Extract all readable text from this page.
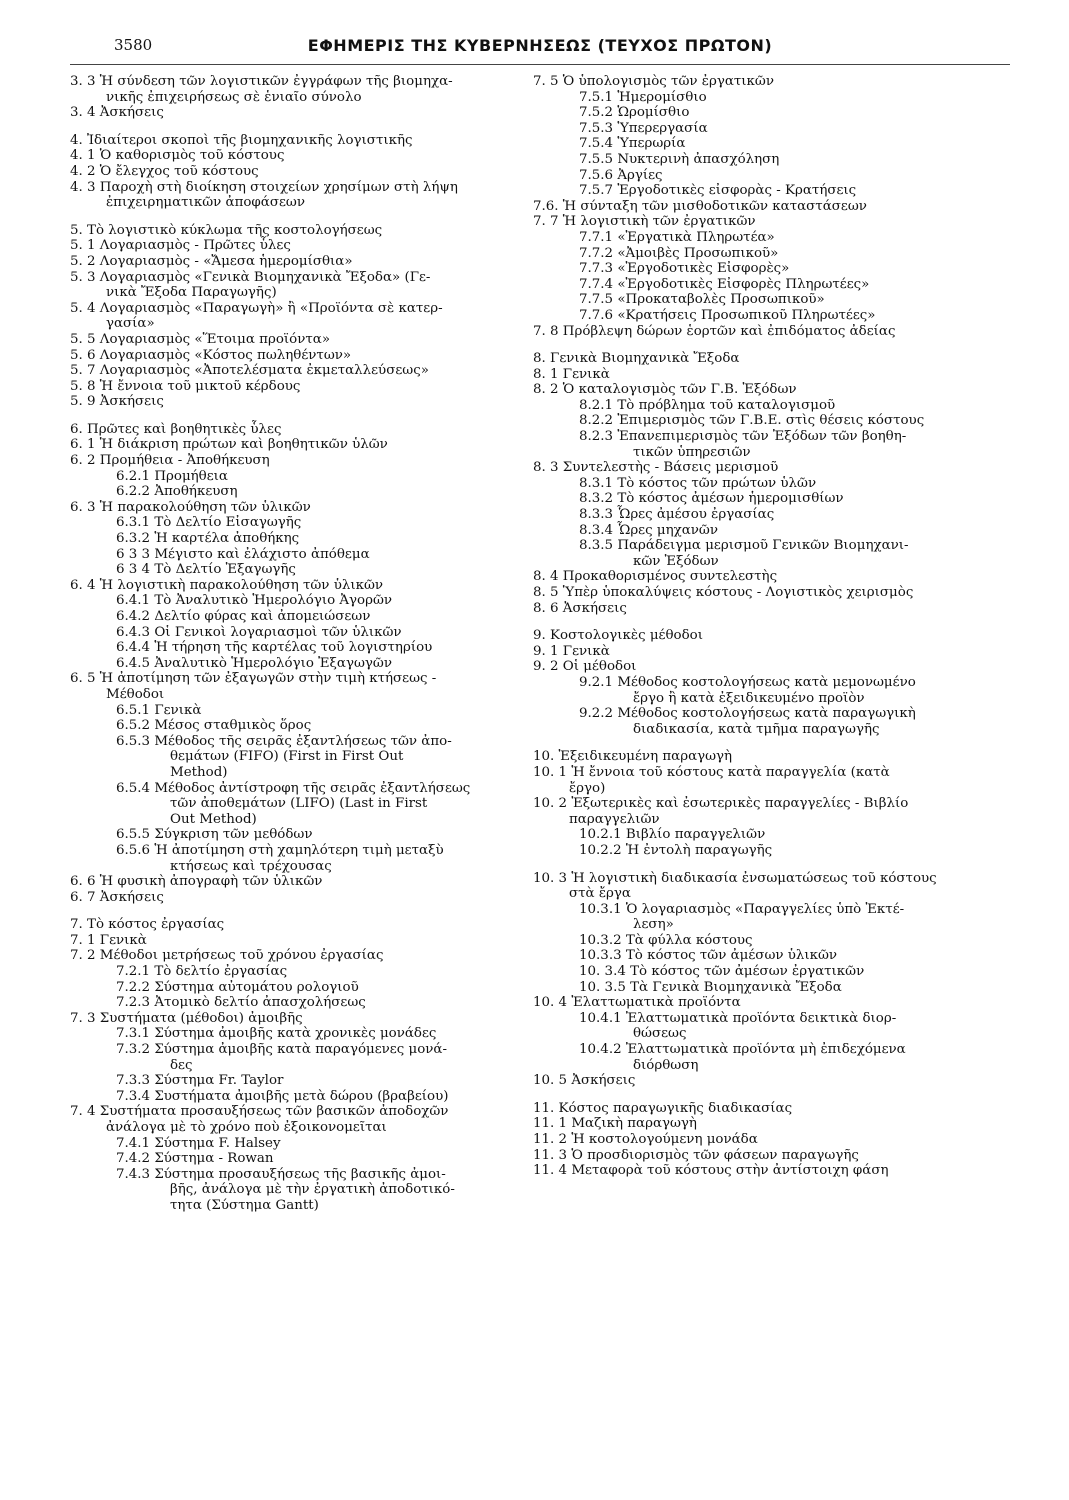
3580	ΕΦΗΜΕΡΙΣ ΤΗΣ ΚΥΒΕΡΝΗΣΕΩΣ (ΤΕΥΧΟΣ ΠΡΩΤΟΝ)
3. 3 Ἡ σύνδεση τῶν λογιστικῶν ἐγγράφων τῆς βιομηχα-
νικῆς ἐπιχειρήσεως σὲ ἑνιαῖο σύνολο
3. 4 Ἀσκήσεις
4. Ἰδιαίτεροι σκοποὶ τῆς βιομηχανικῆς λογιστικῆς
4. 1 Ὁ καθορισμὸς τοῦ κόστους
4. 2 Ὁ ἔλεγχος τοῦ κόστους
4. 3 Παροχὴ στὴ διοίκηση στοιχείων χρησίμων στὴ λήψη
ἐπιχειρηματικῶν ἀποφάσεων
5. Τὸ λογιστικὸ κύκλωμα τῆς κοστολογήσεως
5. 1 Λογαριασμὸς - Πρῶτες ὗλες
5. 2 Λογαριασμὸς - «Ἄμεσα ἡμερομίσθια»
5. 3 Λογαριασμὸς «Γενικὰ Βιομηχανικὰ Ἔξοδα» (Γε-
νικὰ Ἔξοδα Παραγωγῆς)
5. 4 Λογαριασμὸς «Παραγωγὴ» ἢ «Προϊόντα σὲ κατερ-
γασία»
5. 5 Λογαριασμὸς «Ἕτοιμα προϊόντα»
5. 6 Λογαριασμὸς «Κόστος πωληθέντων»
5. 7 Λογαριασμὸς «Ἀποτελέσματα ἐκμεταλλεύσεως»
5. 8 Ἡ ἔννοια τοῦ μικτοῦ κέρδους
5. 9 Ἀσκήσεις
6. Πρῶτες καὶ βοηθητικὲς ὗλες
6. 1 Ἡ διάκριση πρώτων καὶ βοηθητικῶν ὑλῶν
6. 2 Προμήθεια - Ἀποθήκευση
6.2.1 Προμήθεια
6.2.2 Ἀποθήκευση
6. 3 Ἡ παρακολούθηση τῶν ὑλικῶν
6.3.1 Τὸ Δελτίο Εἰσαγωγῆς
6.3.2 Ἡ καρτέλα ἀποθήκης
6 3 3 Μέγιστο καὶ ἐλάχιστο ἀπόθεμα
6 3 4 Τὸ Δελτίο Ἐξαγωγῆς
6. 4 Ἡ λογιστικὴ παρακολούθηση τῶν ὑλικῶν
6.4.1 Τὸ Ἀναλυτικὸ Ἡμερολόγιο Ἀγορῶν
6.4.2 Δελτίο φύρας καὶ ἀπομειώσεων
6.4.3 Οἱ Γενικοὶ λογαριασμοὶ τῶν ὑλικῶν
6.4.4 Ἡ τήρηση τῆς καρτέλας τοῦ λογιστηρίου
6.4.5 Ἀναλυτικὸ Ἡμερολόγιο Ἐξαγωγῶν
6. 5 Ἡ ἀποτίμηση τῶν ἐξαγωγῶν στὴν τιμὴ κτήσεως -
Μέθοδοι
6.5.1 Γενικὰ
6.5.2 Μέσος σταθμικὸς ὅρος
6.5.3 Μέθοδος τῆς σειρᾶς ἐξαντλήσεως τῶν ἀπο-
θεμάτων (FIFO) (First in First Out
Method)
6.5.4 Μέθοδος ἀντίστροφη τῆς σειρᾶς ἐξαντλήσεως
τῶν ἀποθεμάτων (LIFO) (Last in First
Out Method)
6.5.5 Σύγκριση τῶν μεθόδων
6.5.6 Ἡ ἀποτίμηση στὴ χαμηλότερη τιμὴ μεταξὺ
κτήσεως καὶ τρέχουσας
6. 6 Ἡ φυσικὴ ἀπογραφὴ τῶν ὑλικῶν
6. 7 Ἀσκήσεις
7. Τὸ κόστος ἐργασίας
7. 1 Γενικὰ
7. 2 Μέθοδοι μετρήσεως τοῦ χρόνου ἐργασίας
7.2.1 Τὸ δελτίο ἐργασίας
7.2.2 Σύστημα αὐτομάτου ρολογιοῦ
7.2.3 Ἀτομικὸ δελτίο ἀπασχολήσεως
7. 3 Συστήματα (μέθοδοι) ἀμοιβῆς
7.3.1 Σύστημα ἀμοιβῆς κατὰ χρονικὲς μονάδες
7.3.2 Σύστημα ἀμοιβῆς κατὰ παραγόμενες μονά-
δες
7.3.3 Σύστημα Fr. Taylor
7.3.4 Συστήματα ἀμοιβῆς μετὰ δώρου (βραβείου)
7. 4 Συστήματα προσαυξήσεως τῶν βασικῶν ἀποδοχῶν
ἀνάλογα μὲ τὸ χρόνο ποὺ ἐξοικονομεῖται
7.4.1 Σύστημα F. Halsey
7.4.2 Σύστημα - Rowan
7.4.3 Σύστημα προσαυξήσεως τῆς βασικῆς ἀμοι-
βῆς, ἀνάλογα μὲ τὴν ἐργατικὴ ἀποδοτικό-
τητα (Σύστημα Gantt)
7. 5 Ὁ ὑπολογισμὸς τῶν ἐργατικῶν
7.5.1 Ἡμερομίσθιο
7.5.2 Ὡρομίσθιο
7.5.3 Ὑπερεργασία
7.5.4 Ὑπερωρία
7.5.5 Νυκτερινὴ ἀπασχόληση
7.5.6 Ἀργίες
7.5.7 Ἐργοδοτικὲς εἰσφορὰς - Κρατήσεις
7.6. Ἡ σύνταξη τῶν μισθοδοτικῶν καταστάσεων
7. 7 Ἡ λογιστικὴ τῶν ἐργατικῶν
7.7.1 «Ἐργατικὰ Πληρωτέα»
7.7.2 «Ἀμοιβὲς Προσωπικοῦ»
7.7.3 «Ἐργοδοτικὲς Εἰσφορὲς»
7.7.4 «Ἐργοδοτικὲς Εἰσφορὲς Πληρωτέες»
7.7.5 «Προκαταβολὲς Προσωπικοῦ»
7.7.6 «Κρατήσεις Προσωπικοῦ Πληρωτέες»
7. 8 Πρόβλεψη δώρων ἑορτῶν καὶ ἐπιδόματος ἀδείας
8. Γενικὰ Βιομηχανικὰ Ἔξοδα
8. 1 Γενικὰ
8. 2 Ὁ καταλογισμὸς τῶν Γ.Β. Ἐξόδων
8.2.1 Τὸ πρόβλημα τοῦ καταλογισμοῦ
8.2.2 Ἐπιμερισμὸς τῶν Γ.Β.Ε. στὶς θέσεις κόστους
8.2.3 Ἐπανεπιμερισμὸς τῶν Ἐξόδων τῶν βοηθη-
τικῶν ὑπηρεσιῶν
8. 3 Συντελεστὴς - Βάσεις μερισμοῦ
8.3.1 Τὸ κόστος τῶν πρώτων ὑλῶν
8.3.2 Τὸ κόστος ἀμέσων ἡμερομισθίων
8.3.3 Ὧρες ἀμέσου ἐργασίας
8.3.4 Ὧρες μηχανῶν
8.3.5 Παράδειγμα μερισμοῦ Γενικῶν Βιομηχανι-
κῶν Ἐξόδων
8. 4 Προκαθορισμένος συντελεστὴς
8. 5 Ὑπὲρ ὑποκαλύψεις κόστους - Λογιστικὸς χειρισμὸς
8. 6 Ἀσκήσεις
9. Κοστολογικὲς μέθοδοι
9. 1 Γενικὰ
9. 2 Οἱ μέθοδοι
9.2.1 Μέθοδος κοστολογήσεως κατὰ μεμονωμένο
ἔργο ἢ κατὰ ἐξειδικευμένο προϊὸν
9.2.2 Μέθοδος κοστολογήσεως κατὰ παραγωγικὴ
διαδικασία, κατὰ τμῆμα παραγωγῆς
10. Ἐξειδικευμένη παραγωγὴ
10. 1 Ἡ ἔννοια τοῦ κόστους κατὰ παραγγελία (κατὰ
ἔργο)
10. 2 Ἐξωτερικὲς καὶ ἐσωτερικὲς παραγγελίες - Βιβλίο
παραγγελιῶν
10.2.1 Βιβλίο παραγγελιῶν
10.2.2 Ἡ ἐντολὴ παραγωγῆς
10. 3 Ἡ λογιστικὴ διαδικασία ἐνσωματώσεως τοῦ κόστους
στὰ ἔργα
10.3.1 Ὁ λογαριασμὸς «Παραγγελίες ὑπὸ Ἐκτέ-
λεση»
10.3.2 Τὰ φύλλα κόστους
10.3.3 Τὸ κόστος τῶν ἀμέσων ὑλικῶν
10. 3.4 Τὸ κόστος τῶν ἀμέσων ἐργατικῶν
10. 3.5 Τὰ Γενικὰ Βιομηχανικὰ Ἔξοδα
10. 4 Ἐλαττωματικὰ προϊόντα
10.4.1 Ἐλαττωματικὰ προϊόντα δεικτικὰ διορ-
θώσεως
10.4.2 Ἐλαττωματικὰ προϊόντα μὴ ἐπιδεχόμενα
διόρθωση
10. 5 Ἀσκήσεις
11. Κόστος παραγωγικῆς διαδικασίας
11. 1 Μαζικὴ παραγωγὴ
11. 2 Ἡ κοστολογούμενη μονάδα
11. 3 Ὁ προσδιορισμὸς τῶν φάσεων παραγωγῆς
11. 4 Μεταφορὰ τοῦ κόστους στὴν ἀντίστοιχη φάση
